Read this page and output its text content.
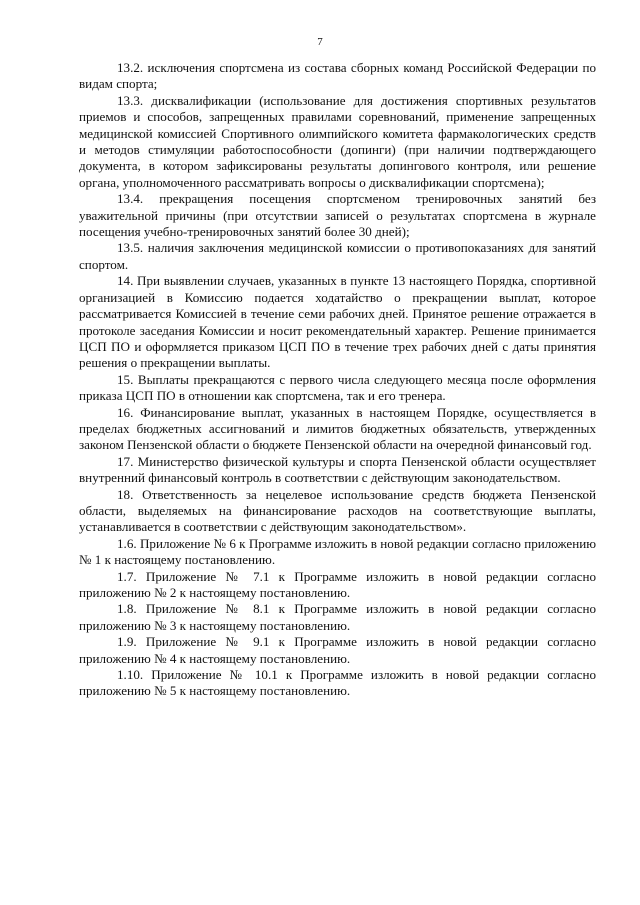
7

13.2. исключения спортсмена из состава сборных команд Российской Федерации по видам спорта;

13.3. дисквалификации (использование для достижения спортивных результатов приемов и способов, запрещенных правилами соревнований, применение запрещенных медицинской комиссией Спортивного олимпийского комитета фармакологических средств и методов стимуляции работоспособности (допинги) (при наличии подтверждающего документа, в котором зафиксированы результаты допингового контроля, или решение органа, уполномоченного рассматривать вопросы о дисквалификации спортсмена);

13.4. прекращения посещения спортсменом тренировочных занятий без уважительной причины (при отсутствии записей о результатах спортсмена в журнале посещения учебно-тренировочных занятий более 30 дней);

13.5. наличия заключения медицинской комиссии о противопоказаниях для занятий спортом.

14. При выявлении случаев, указанных в пункте 13 настоящего Порядка, спортивной организацией в Комиссию подается ходатайство о прекращении выплат, которое рассматривается Комиссией в течение семи рабочих дней. Принятое решение отражается в протоколе заседания Комиссии и носит рекомендательный характер. Решение принимается ЦСП ПО и оформляется приказом ЦСП ПО в течение трех рабочих дней с даты принятия решения о прекращении выплаты.

15. Выплаты прекращаются с первого числа следующего месяца после оформления приказа ЦСП ПО в отношении как спортсмена, так и его тренера.

16. Финансирование выплат, указанных в настоящем Порядке, осуществляется в пределах бюджетных ассигнований и лимитов бюджетных обязательств, утвержденных законом Пензенской области о бюджете Пензенской области на очередной финансовый год.

17. Министерство физической культуры и спорта Пензенской области осуществляет внутренний финансовый контроль в соответствии с действующим законодательством.

18. Ответственность за нецелевое использование средств бюджета Пензенской области, выделяемых на финансирование расходов на соответствующие выплаты, устанавливается в соответствии с действующим законодательством».

1.6. Приложение № 6 к Программе изложить в новой редакции согласно приложению № 1 к настоящему постановлению.

1.7. Приложение № 7.1 к Программе изложить в новой редакции согласно приложению № 2 к настоящему постановлению.

1.8. Приложение № 8.1 к Программе изложить в новой редакции согласно приложению № 3 к настоящему постановлению.

1.9. Приложение № 9.1 к Программе изложить в новой редакции согласно приложению № 4 к настоящему постановлению.

1.10. Приложение № 10.1 к Программе изложить в новой редакции согласно приложению № 5 к настоящему постановлению.
